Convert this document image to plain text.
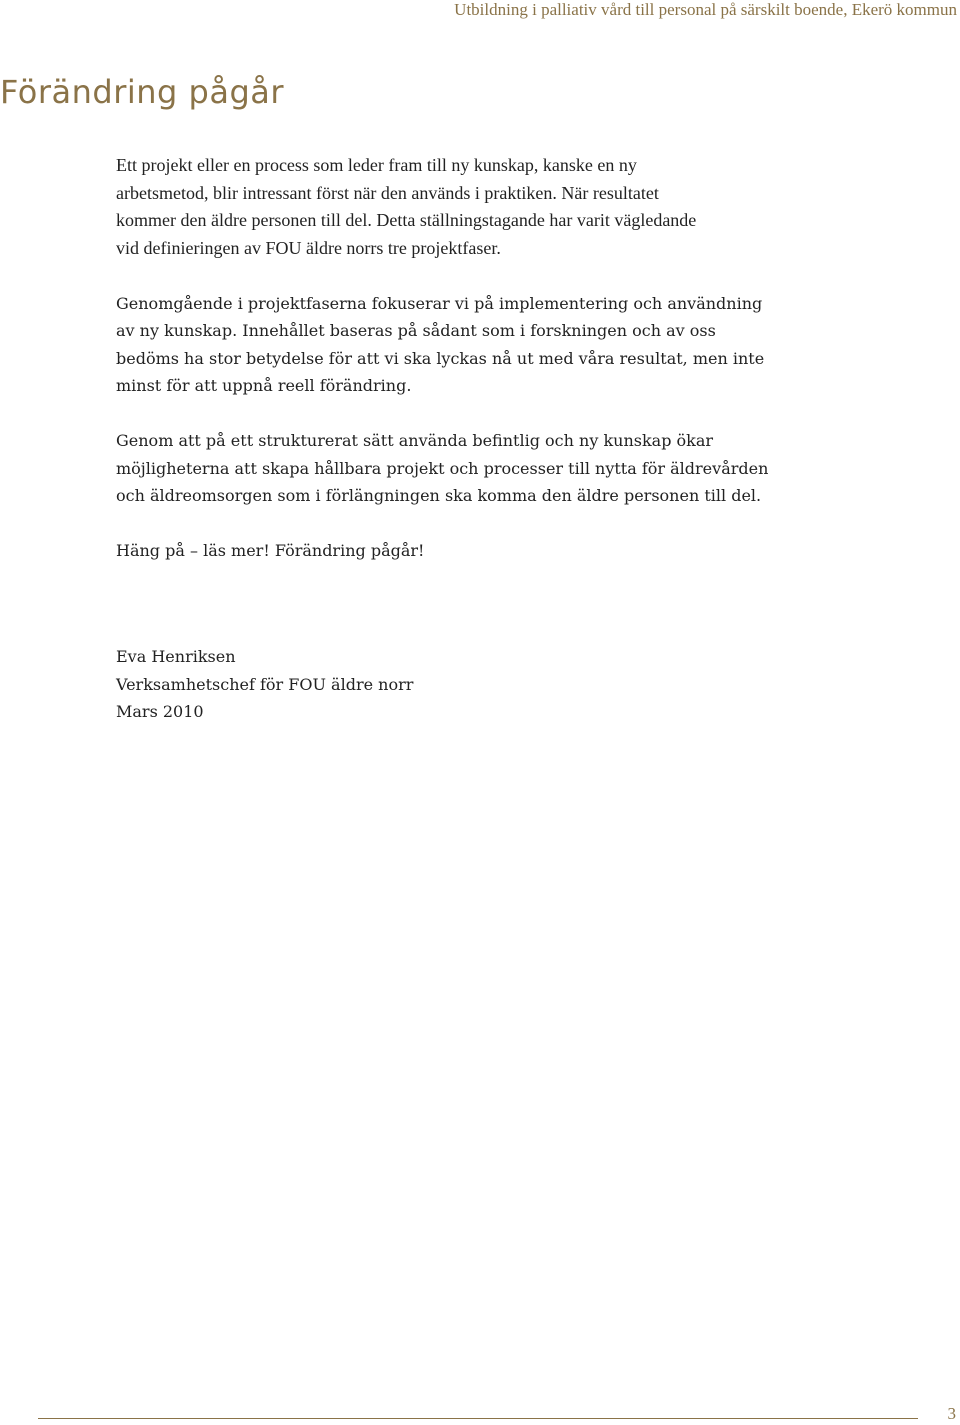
Utbildning i palliativ vård till personal på särskilt boende, Ekerö kommun
Förändring pågår

Ett projekt eller en process som leder fram till ny kunskap, kanske en ny
arbetsmetod, blir intressant först när den används i praktiken. När resultatet
kommer den äldre personen till del. Detta ställningstagande har varit vägledande
vid definieringen av FOU äldre norrs tre projektfaser.

Genomgående i projektfaserna fokuserar vi på implementering och användning
av ny kunskap. Innehållet baseras på sådant som i forskningen och av oss
bedöms ha stor betydelse för att vi ska lyckas nå ut med våra resultat, men inte
minst för att uppnå reell förändring.

Genom att på ett strukturerat sätt använda befintlig och ny kunskap ökar
möjligheterna att skapa hållbara projekt och processer till nytta för äldrevården
och äldreomsorgen som i förlängningen ska komma den äldre personen till del.

Häng på – läs mer! Förändring pågår!

Eva Henriksen
Verksamhetschef för FOU äldre norr
Mars 2010
3
